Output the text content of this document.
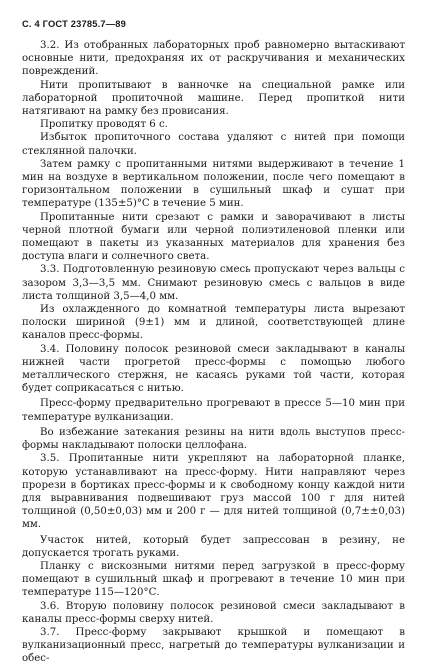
С. 4 ГОСТ 23785.7—89

3.2. Из отобранных лабораторных проб равномерно вытаскивают основные нити, предохраняя их от раскручивания и механических повреждений.

Нити пропитывают в ванночке на специальной рамке или лабораторной пропиточной машине. Перед пропиткой нити натягивают на рамку без провисания.

Пропитку проводят 6 с.

Избыток пропиточного состава удаляют с нитей при помощи стеклянной палочки.

Затем рамку с пропитанными нитями выдерживают в течение 1 мин на воздухе в вертикальном положении, после чего помещают в горизонтальном положении в сушильный шкаф и сушат при температуре (135±5)°С в течение 5 мин.

Пропитанные нити срезают с рамки и заворачивают в листы черной плотной бумаги или черной полиэтиленовой пленки или помещают в пакеты из указанных материалов для хранения без доступа влаги и солнечного света.

3.3. Подготовленную резиновую смесь пропускают через вальцы с зазором 3,3—3,5 мм. Снимают резиновую смесь с вальцов в виде листа толщиной 3,5—4,0 мм.

Из охлажденного до комнатной температуры листа вырезают полоски шириной (9±1) мм и длиной, соответствующей длине каналов пресс-формы.

3.4. Половину полосок резиновой смеси закладывают в каналы нижней части прогретой пресс-формы с помощью любого металлического стержня, не касаясь руками той части, которая будет соприкасаться с нитью.

Пресс-форму предварительно прогревают в прессе 5—10 мин при температуре вулканизации.

Во избежание затекания резины на нити вдоль выступов пресс-формы накладывают полоски целлофана.

3.5. Пропитанные нити укрепляют на лабораторной планке, которую устанавливают на пресс-форму. Нити направляют через прорези в бортиках пресс-формы и к свободному концу каждой нити для выравнивания подвешивают груз массой 100 г для нитей толщиной (0,50±0,03) мм и 200 г — для нитей толщиной (0,7±±0,03) мм.

Участок нитей, который будет запрессован в резину, не допускается трогать руками.

Планку с вискозными нитями перед загрузкой в пресс-форму помещают в сушильный шкаф и прогревают в течение 10 мин при температуре 115—120°С.

3.6. Вторую половину полосок резиновой смеси закладывают в каналы пресс-формы сверху нитей.

3.7. Пресс-форму закрывают крышкой и помещают в вулканизационный пресс, нагретый до температуры вулканизации и обес-
